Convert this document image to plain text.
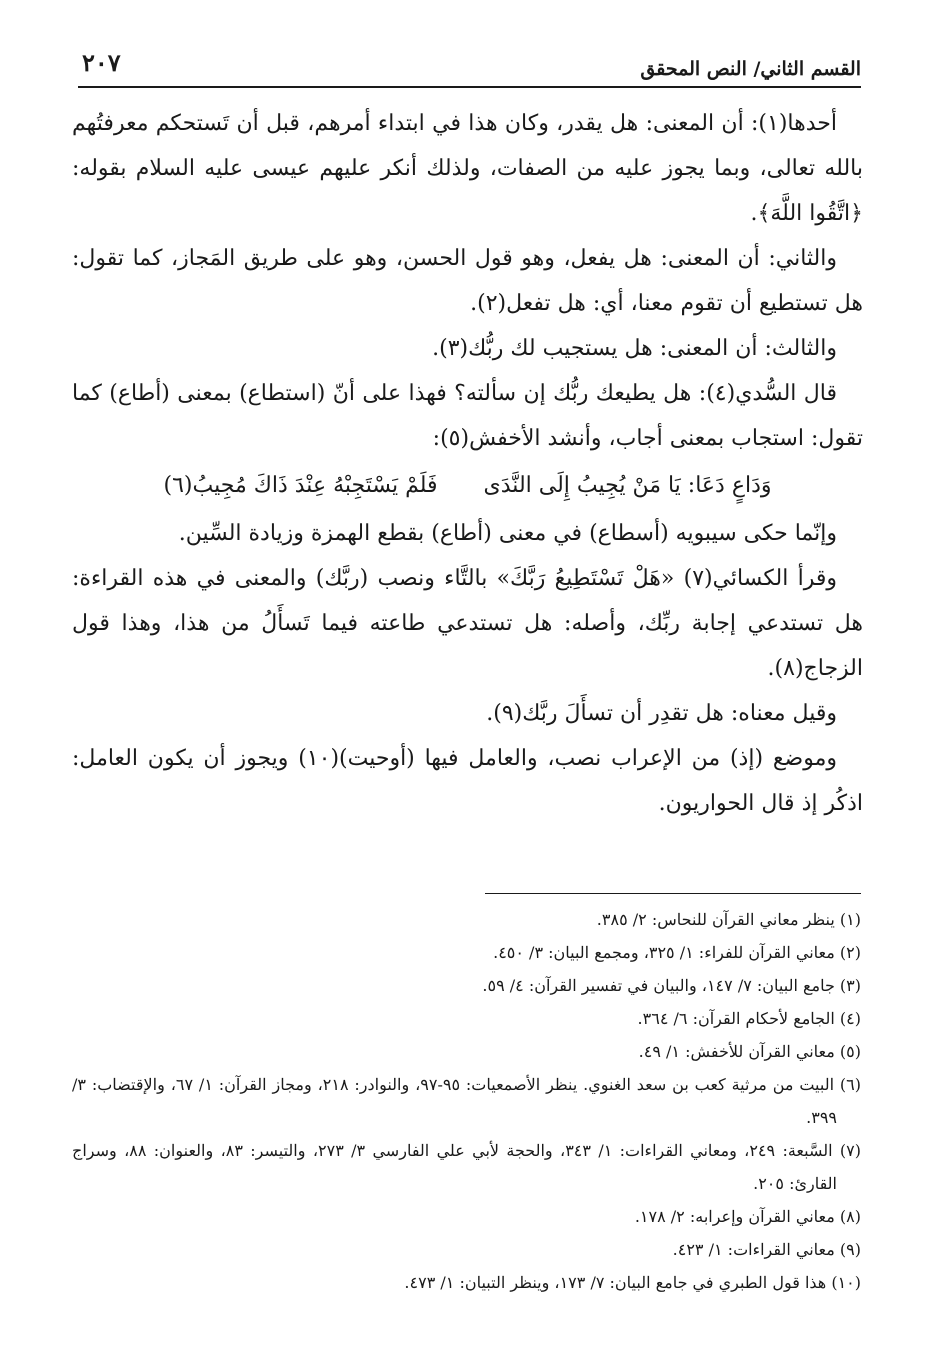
القسم الثاني/ النص المحقق
٢٠٧

أحدها(١): أن المعنى: هل يقدر، وكان هذا في ابتداء أمرهم، قبل أن تَستحكم معرفتُهم بالله تعالى، وبما يجوز عليه من الصفات، ولذلك أنكر عليهم عيسى عليه السلام بقوله: ﴿اتَّقُوا اللَّهَ﴾.

والثاني: أن المعنى: هل يفعل، وهو قول الحسن، وهو على طريق المَجاز، كما تقول: هل تستطيع أن تقوم معنا، أي: هل تفعل(٢).

والثالث: أن المعنى: هل يستجيب لك ربُّك(٣).

قال السُّدي(٤): هل يطيعك ربُّك إن سألته؟ فهذا على أنّ (استطاع) بمعنى (أطاع) كما تقول: استجاب بمعنى أجاب، وأنشد الأخفش(٥):

وَدَاعٍ دَعَا: يَا مَنْ يُجِيبُ إِلَى النَّدَى
فَلَمْ يَسْتَجِبْهُ عِنْدَ ذَاكَ مُجِيبُ(٦)

وإنّما حكى سيبويه (أسطاع) في معنى (أطاع) بقطع الهمزة وزيادة السِّين.

وقرأ الكسائي(٧) «هَلْ تَسْتَطِيعُ رَبَّكَ» بالتَّاء ونصب (ربَّك) والمعنى في هذه القراءة: هل تستدعي إجابة ربِّك، وأصله: هل تستدعي طاعته فيما تَسأَلُ من هذا، وهذا قول الزجاج(٨).

وقيل معناه: هل تقدِر أن تسأَلَ ربَّك(٩).

وموضع (إذ) من الإعراب نصب، والعامل فيها (أوحيت)(١٠) ويجوز أن يكون العامل: اذكُر إذ قال الحواريون.

(١) ينظر معاني القرآن للنحاس: ٢/ ٣٨٥.

(٢) معاني القرآن للفراء: ١/ ٣٢٥، ومجمع البيان: ٣/ ٤٥٠.

(٣) جامع البيان: ٧/ ١٤٧، والبيان في تفسير القرآن: ٤/ ٥٩.

(٤) الجامع لأحكام القرآن: ٦/ ٣٦٤.

(٥) معاني القرآن للأخفش: ١/ ٤٩.

(٦) البيت من مرثية كعب بن سعد الغنوي. ينظر الأصمعيات: ٩٥-٩٧، والنوادر: ٢١٨، ومجاز القرآن: ١/ ٦٧، والإقتضاب: ٣/ ٣٩٩.

(٧) السَّبعة: ٢٤٩، ومعاني القراءات: ١/ ٣٤٣، والحجة لأبي علي الفارسي ٣/ ٢٧٣، والتيسر: ٨٣، والعنوان: ٨٨، وسراج القارئ: ٢٠٥.

(٨) معاني القرآن وإعرابه: ٢/ ١٧٨.

(٩) معاني القراءات: ١/ ٤٢٣.

(١٠) هذا قول الطبري في جامع البيان: ٧/ ١٧٣، وينظر التبيان: ١/ ٤٧٣.
